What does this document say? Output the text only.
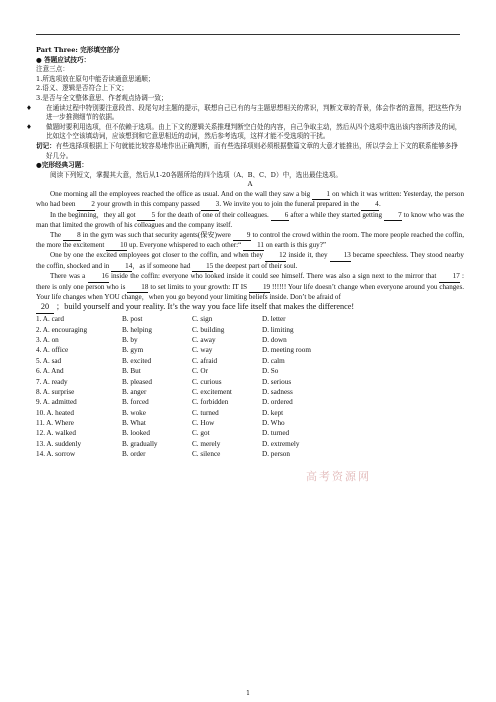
Part Three: 完形填空部分

● 答题应试技巧：

注意三点：

1.所选项放在原句中能否读通意思通顺；

2.语义、逻辑是否符合上下文；

3.是否与全文整体意思、作者观点协调一致；

♦ 在通读过程中特别要注意段首、段尾句对主题的提示，联想自己已有的与主题思想相关的常识，判断文章的背景，体会作者的意图，把这些作为进一步推测细节的依据。

♦ 做题时要利用选项，但不依赖于选项。由上下文的逻辑关系推理判断空白处的内容，自己争取主动，然后从四个选项中选出该内容所涉及的词，比如这个空该填动词，应该想到和它意思相近的动词，然后参考选项，这样才能不受选项的干扰。

切记：有些选择项根据上下句就能比较容易地作出正确判断，而有些选择项则必须根据整篇文章的大意才能推出，所以学会上下文的联系能够多挣好几分。

●完形经典习题：

阅读下列短文，掌握其大意，然后从1-20各题所给的四个选项（A、B、C、D）中，选出最佳选项。

A

One morning all the employees reached the office as usual. And on the wall they saw a big 1 on which it was written: Yesterday, the person who had been 2 your growth in this company passed 3. We invite you to join the funeral prepared in the 4.

In the beginning，they all got 5 for the death of one of their colleagues. 6 after a while they started getting 7 to know who was the man that limited the growth of his colleagues and the company itself.

The 8 in the gym was such that security agents(保安)were 9 to control the crowd within the room. The more people reached the coffin, the more the excitement 10 up. Everyone whispered to each other:“ 11 on earth is this guy?”

One by one the excited employees got closer to the coffin, and when they 12 inside it, they 13 became speechless. They stood nearby the coffin, shocked and in 14，as if someone had 15 the deepest part of their soul.

There was a 16 inside the coffin: everyone who looked inside it could see himself. There was also a sign next to the mirror that 17 : there is only one person who is 18 to set limits to your growth: IT IS 19 !!!!!! Your life doesn’t change when everyone around you changes. Your life changes when YOU change，when you go beyond your limiting beliefs inside. Don’t be afraid of

20 ；build yourself and your reality. It’s the way you face life itself that makes the difference!

1. A. card	B. post	C. sign	D. letter
2. A. encouraging	B. helping	C. building	D. limiting
3. A. on	B. by	C. away	D. down
4. A. office	B. gym	C. way	D. meeting room
5. A. sad	B. excited	C. afraid	D. calm
6. A. And	B. But	C. Or	D. So
7. A. ready	B. pleased	C. curious	D. serious
8. A. surprise	B. anger	C. excitement	D. sadness
9. A. admitted	B. forced	C. forbidden	D. ordered
10. A. heated	B. woke	C. turned	D. kept
11. A. Where	B. What	C. How	D. Who
12. A. walked	B. looked	C. got	D. turned
13. A. suddenly	B. gradually	C. merely	D. extremely
14. A. sorrow	B. order	C. silence	D. person
高考资源网
1
